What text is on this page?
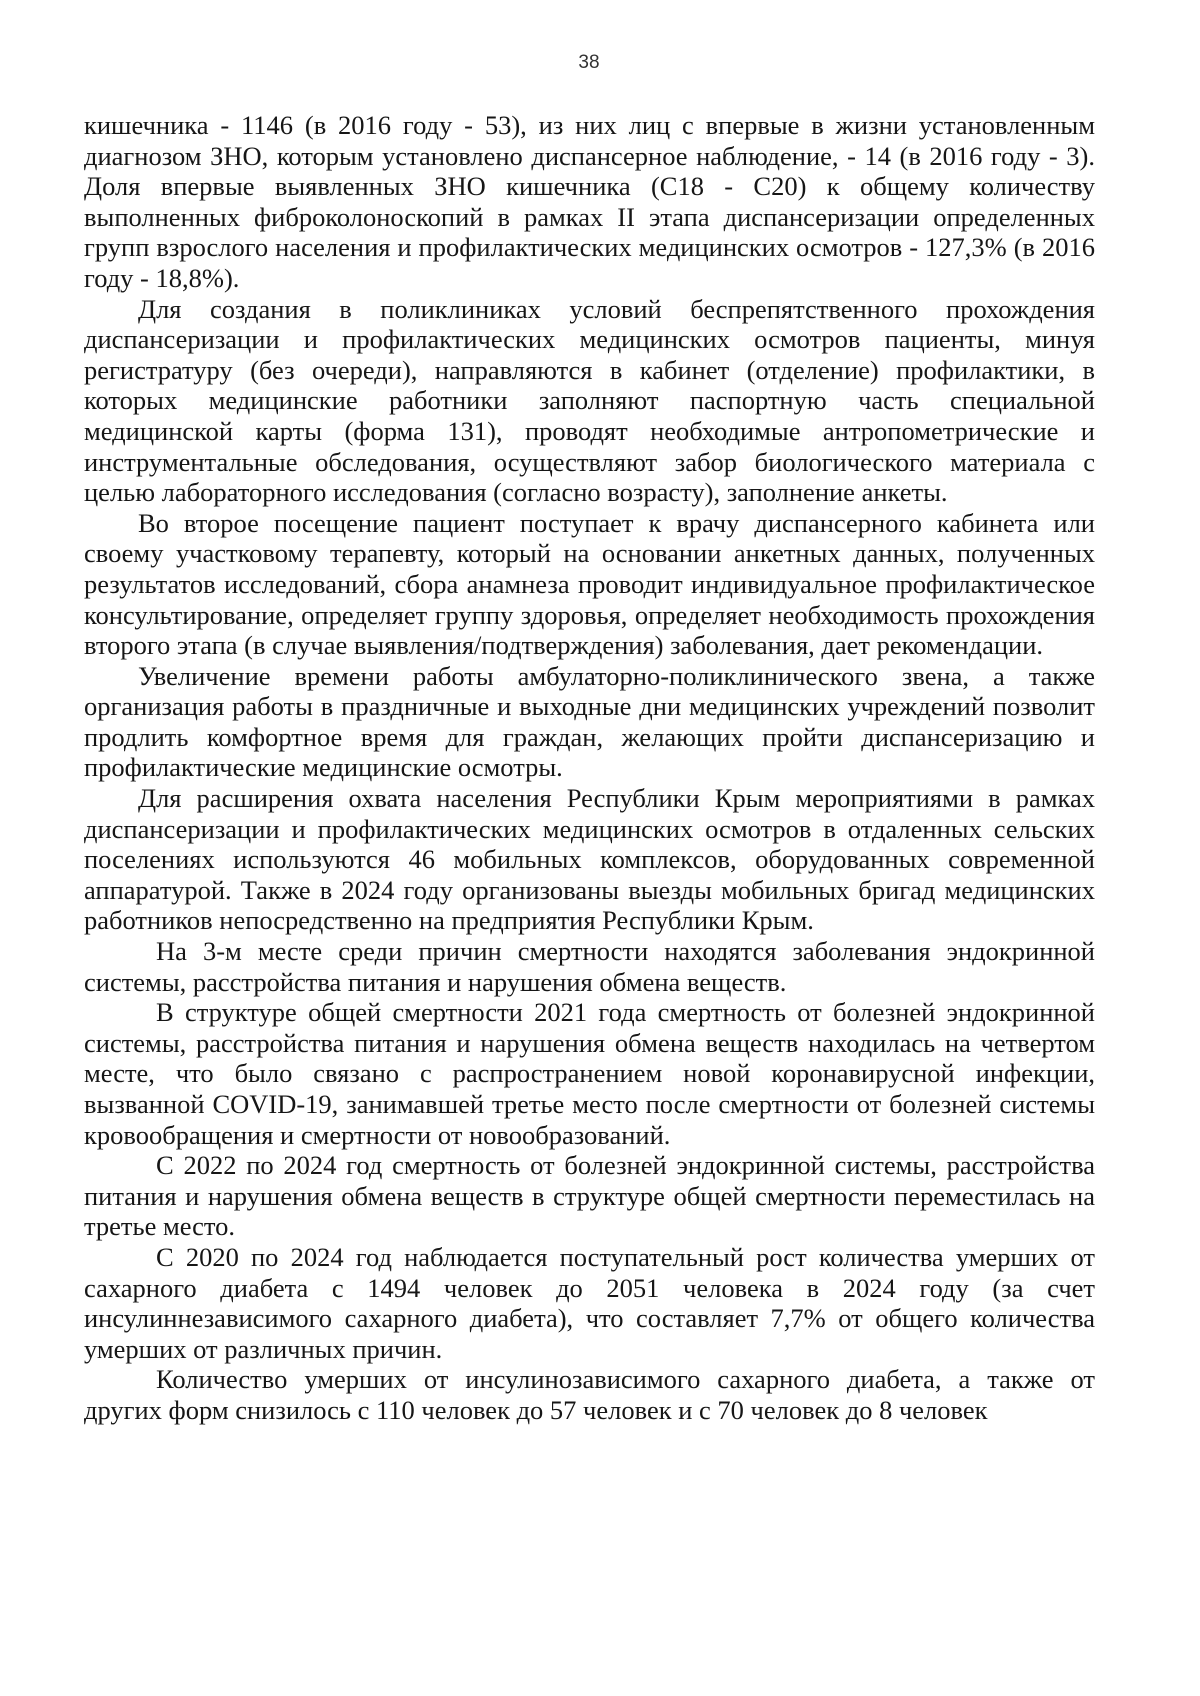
38

кишечника - 1146 (в 2016 году - 53), из них лиц с впервые в жизни установленным диагнозом ЗНО, которым установлено диспансерное наблюдение, - 14 (в 2016 году - 3). Доля впервые выявленных ЗНО кишечника (С18 - С20) к общему количеству выполненных фиброколоноскопий в рамках II этапа диспансеризации определенных групп взрослого населения и профилактических медицинских осмотров - 127,3% (в 2016 году - 18,8%).

Для создания в поликлиниках условий беспрепятственного прохождения диспансеризации и профилактических медицинских осмотров пациенты, минуя регистратуру (без очереди), направляются в кабинет (отделение) профилактики, в которых медицинские работники заполняют паспортную часть специальной медицинской карты (форма 131), проводят необходимые антропометрические и инструментальные обследования, осуществляют забор биологического материала с целью лабораторного исследования (согласно возрасту), заполнение анкеты.

Во второе посещение пациент поступает к врачу диспансерного кабинета или своему участковому терапевту, который на основании анкетных данных, полученных результатов исследований, сбора анамнеза проводит индивидуальное профилактическое консультирование, определяет группу здоровья, определяет необходимость прохождения второго этапа (в случае выявления/подтверждения) заболевания, дает рекомендации.

Увеличение времени работы амбулаторно-поликлинического звена, а также организация работы в праздничные и выходные дни медицинских учреждений позволит продлить комфортное время для граждан, желающих пройти диспансеризацию и профилактические медицинские осмотры.

Для расширения охвата населения Республики Крым мероприятиями в рамках диспансеризации и профилактических медицинских осмотров в отдаленных сельских поселениях используются 46 мобильных комплексов, оборудованных современной аппаратурой. Также в 2024 году организованы выезды мобильных бригад медицинских работников непосредственно на предприятия Республики Крым.

На 3-м месте среди причин смертности находятся заболевания эндокринной системы, расстройства питания и нарушения обмена веществ.

В структуре общей смертности 2021 года смертность от болезней эндокринной системы, расстройства питания и нарушения обмена веществ находилась на четвертом месте, что было связано с распространением новой коронавирусной инфекции, вызванной COVID-19, занимавшей третье место после смертности от болезней системы кровообращения и смертности от новообразований.

С 2022 по 2024 год смертность от болезней эндокринной системы, расстройства питания и нарушения обмена веществ в структуре общей смертности переместилась на третье место.

С 2020 по 2024 год наблюдается поступательный рост количества умерших от сахарного диабета с 1494 человек до 2051 человека в 2024 году (за счет инсулиннезависимого сахарного диабета), что составляет 7,7% от общего количества умерших от различных причин.

Количество умерших от инсулинозависимого сахарного диабета, а также от других форм снизилось с 110 человек до 57 человек и с 70 человек до 8 человек
